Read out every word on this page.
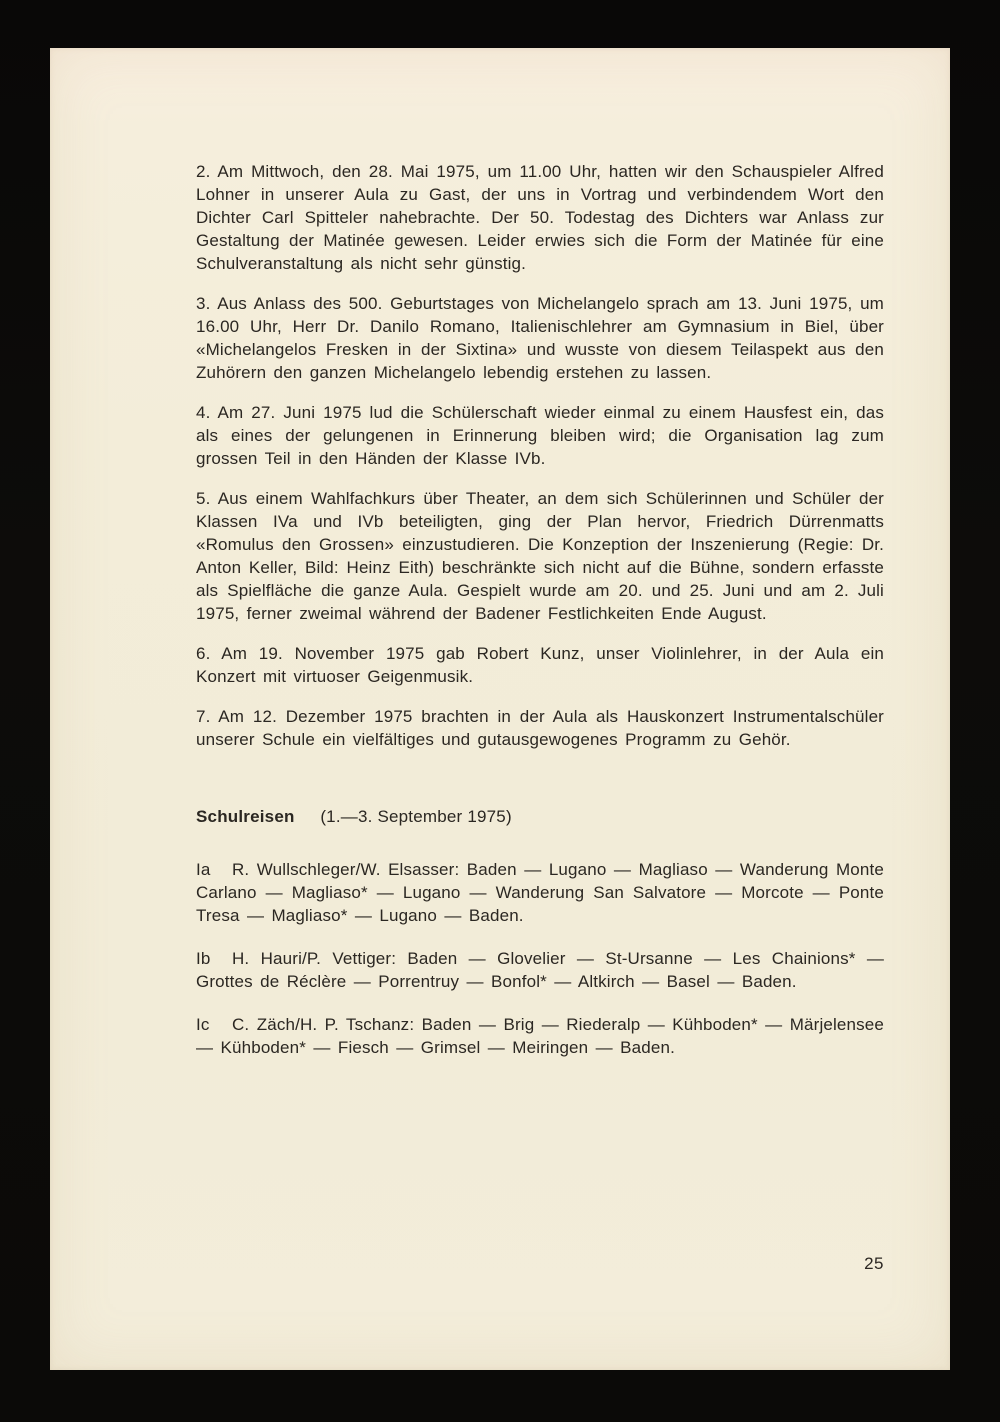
2. Am Mittwoch, den 28. Mai 1975, um 11.00 Uhr, hatten wir den Schauspieler Alfred Lohner in unserer Aula zu Gast, der uns in Vortrag und verbindendem Wort den Dichter Carl Spitteler nahebrachte. Der 50. Todestag des Dichters war Anlass zur Gestaltung der Matinée gewesen. Leider erwies sich die Form der Matinée für eine Schulveranstaltung als nicht sehr günstig.

3. Aus Anlass des 500. Geburtstages von Michelangelo sprach am 13. Juni 1975, um 16.00 Uhr, Herr Dr. Danilo Romano, Italienischlehrer am Gymnasium in Biel, über «Michelangelos Fresken in der Sixtina» und wusste von diesem Teilaspekt aus den Zuhörern den ganzen Michelangelo lebendig erstehen zu lassen.

4. Am 27. Juni 1975 lud die Schülerschaft wieder einmal zu einem Hausfest ein, das als eines der gelungenen in Erinnerung bleiben wird; die Organisation lag zum grossen Teil in den Händen der Klasse IVb.

5. Aus einem Wahlfachkurs über Theater, an dem sich Schülerinnen und Schüler der Klassen IVa und IVb beteiligten, ging der Plan hervor, Friedrich Dürrenmatts «Romulus den Grossen» einzustudieren. Die Konzeption der Inszenierung (Regie: Dr. Anton Keller, Bild: Heinz Eith) beschränkte sich nicht auf die Bühne, sondern erfasste als Spielfläche die ganze Aula. Gespielt wurde am 20. und 25. Juni und am 2. Juli 1975, ferner zweimal während der Badener Festlichkeiten Ende August.

6. Am 19. November 1975 gab Robert Kunz, unser Violinlehrer, in der Aula ein Konzert mit virtuoser Geigenmusik.

7. Am 12. Dezember 1975 brachten in der Aula als Hauskonzert Instrumentalschüler unserer Schule ein vielfältiges und gutausgewogenes Programm zu Gehör.

Schulreisen (1.—3. September 1975)

Ia R. Wullschleger/W. Elsasser: Baden — Lugano — Magliaso — Wanderung Monte Carlano — Magliaso* — Lugano — Wanderung San Salvatore — Morcote — Ponte Tresa — Magliaso* — Lugano — Baden.

Ib H. Hauri/P. Vettiger: Baden — Glovelier — St-Ursanne — Les Chainions* — Grottes de Réclère — Porrentruy — Bonfol* — Altkirch — Basel — Baden.

Ic C. Zäch/H. P. Tschanz: Baden — Brig — Riederalp — Kühboden* — Märjelensee — Kühboden* — Fiesch — Grimsel — Meiringen — Baden.

25
